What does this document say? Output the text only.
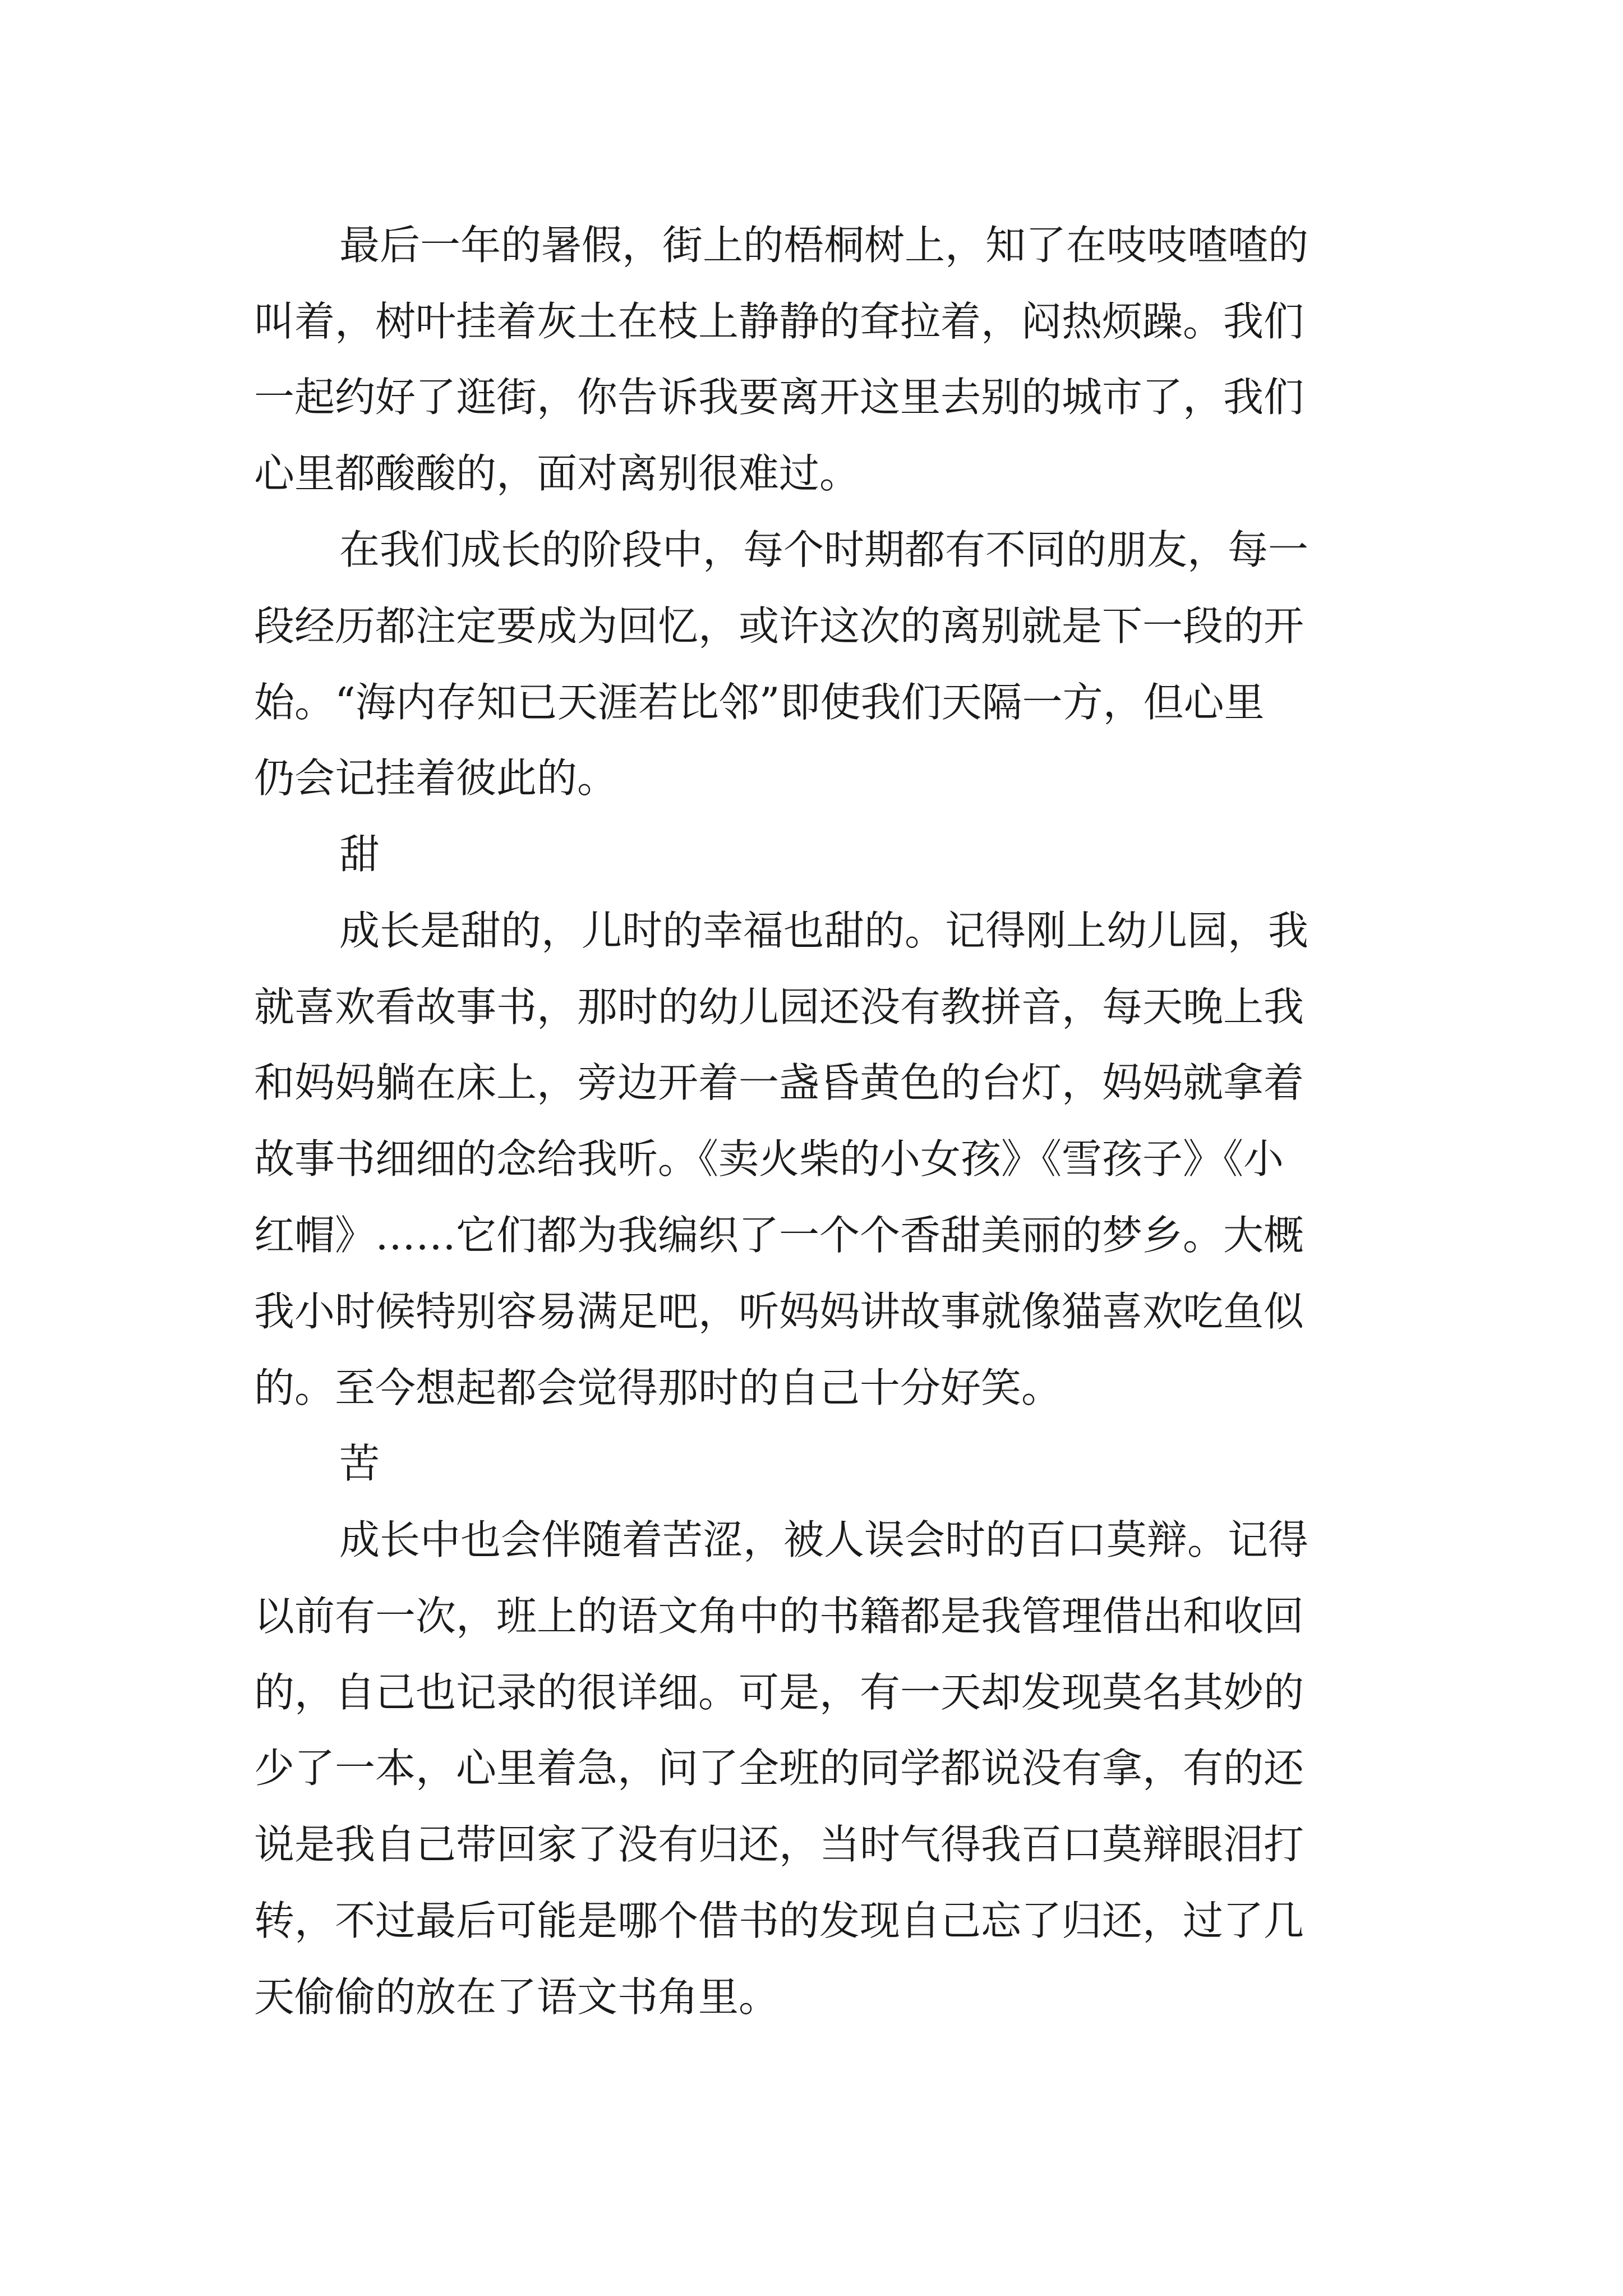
最后一年的暑假，街上的梧桐树上，知了在吱吱喳喳的
叫着，树叶挂着灰土在枝上静静的耷拉着，闷热烦躁。我们
一起约好了逛街，你告诉我要离开这里去别的城市了，我们
心里都酸酸的，面对离别很难过。
在我们成长的阶段中，每个时期都有不同的朋友，每一
段经历都注定要成为回忆，或许这次的离别就是下一段的开
始。“海内存知已天涯若比邻”即使我们天隔一方，但心里
仍会记挂着彼此的。
甜
成长是甜的，儿时的幸福也甜的。记得刚上幼儿园，我
就喜欢看故事书，那时的幼儿园还没有教拼音，每天晚上我
和妈妈躺在床上，旁边开着一盏昏黄色的台灯，妈妈就拿着
故事书细细的念给我听。《卖火柴的小女孩》《雪孩子》《小
红帽》……它们都为我编织了一个个香甜美丽的梦乡。大概
我小时候特别容易满足吧，听妈妈讲故事就像猫喜欢吃鱼似
的。至今想起都会觉得那时的自己十分好笑。
苦
成长中也会伴随着苦涩，被人误会时的百口莫辩。记得
以前有一次，班上的语文角中的书籍都是我管理借出和收回
的，自己也记录的很详细。可是，有一天却发现莫名其妙的
少了一本，心里着急，问了全班的同学都说没有拿，有的还
说是我自己带回家了没有归还，当时气得我百口莫辩眼泪打
转，不过最后可能是哪个借书的发现自己忘了归还，过了几
天偷偷的放在了语文书角里。
